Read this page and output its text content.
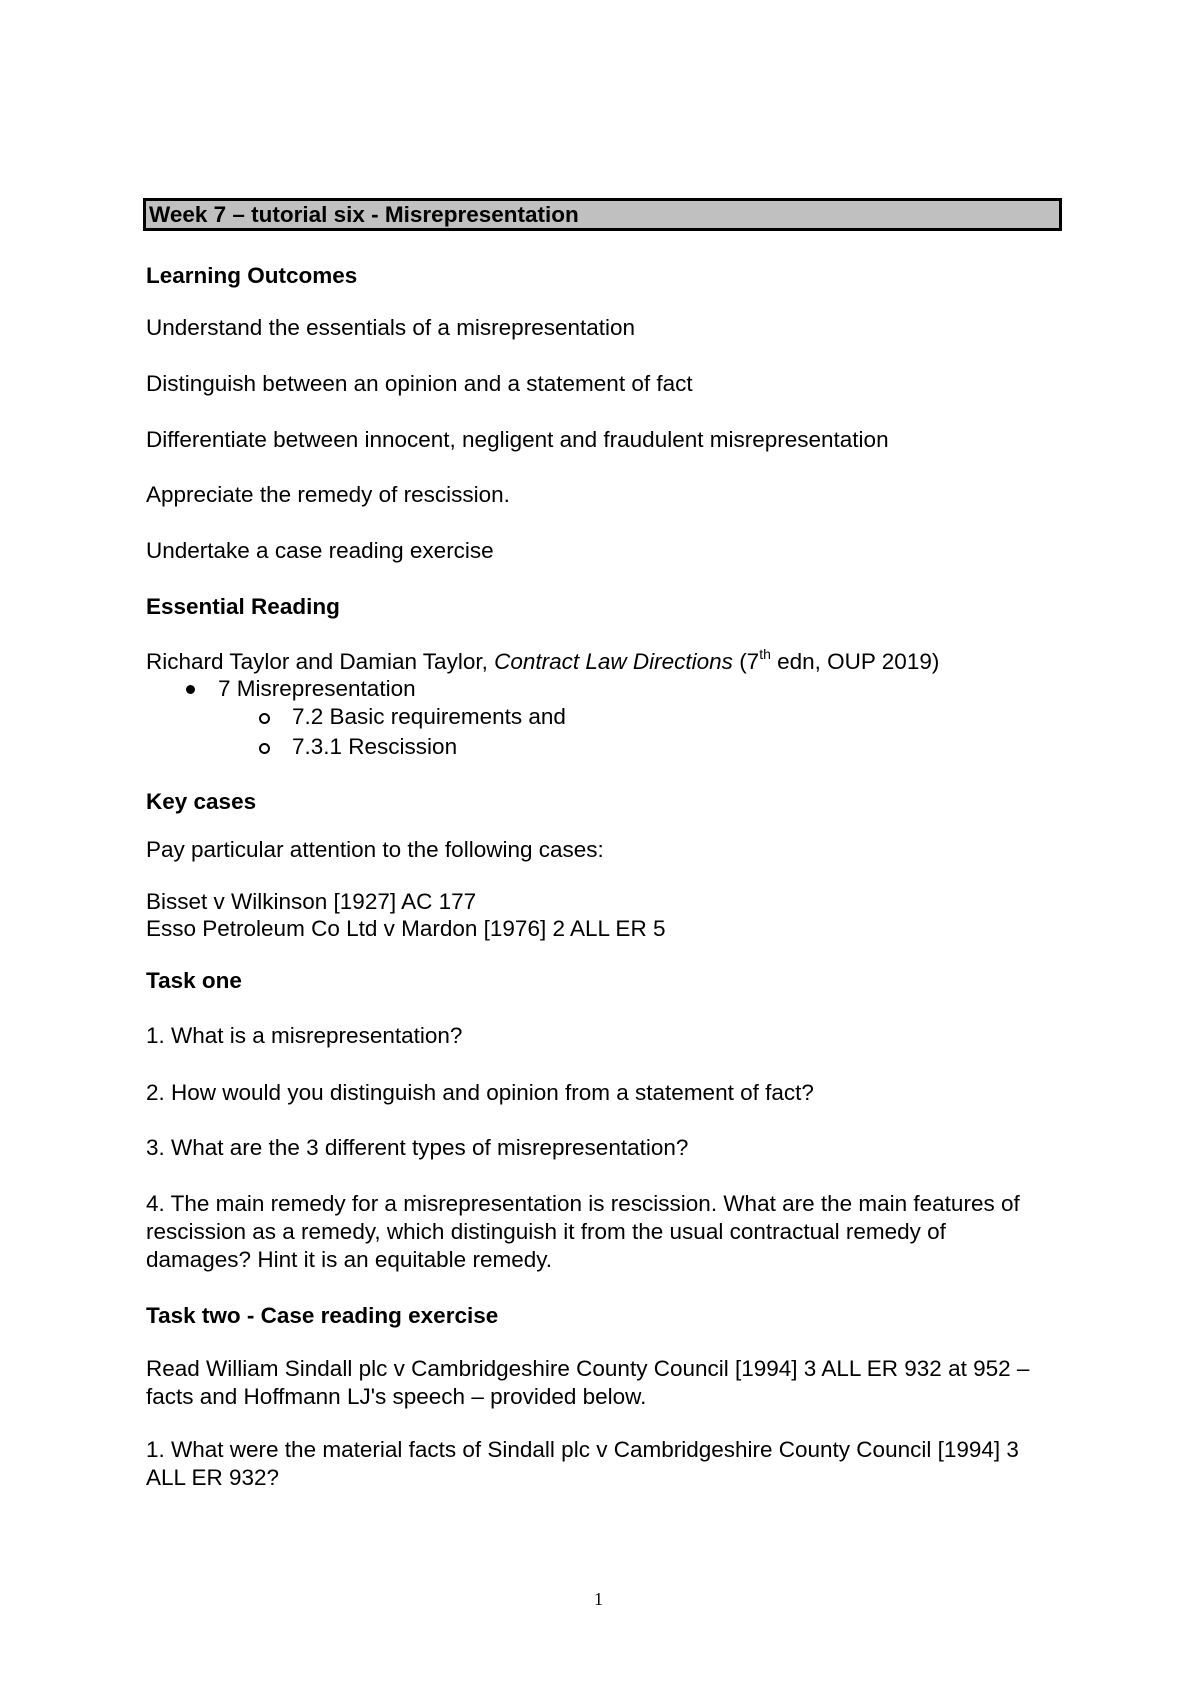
Week 7 – tutorial six - Misrepresentation
Learning Outcomes
Understand the essentials of a misrepresentation
Distinguish between an opinion and a statement of fact
Differentiate between innocent, negligent and fraudulent misrepresentation
Appreciate the remedy of rescission.
Undertake a case reading exercise
Essential Reading
Richard Taylor and Damian Taylor, Contract Law Directions (7th edn, OUP 2019)
7 Misrepresentation
7.2 Basic requirements and
7.3.1 Rescission
Key cases
Pay particular attention to the following cases:
Bisset v Wilkinson [1927] AC 177
Esso Petroleum Co Ltd v Mardon [1976] 2 ALL ER 5
Task one
1. What is a misrepresentation?
2. How would you distinguish and opinion from a statement of fact?
3. What are the 3 different types of misrepresentation?
4. The main remedy for a misrepresentation is rescission. What are the main features of rescission as a remedy, which distinguish it from the usual contractual remedy of damages? Hint it is an equitable remedy.
Task two - Case reading exercise
Read William Sindall plc v Cambridgeshire County Council [1994] 3 ALL ER 932 at 952 – facts and Hoffmann LJ's speech – provided below.
1. What were the material facts of Sindall plc v Cambridgeshire County Council [1994] 3 ALL ER 932?
1
